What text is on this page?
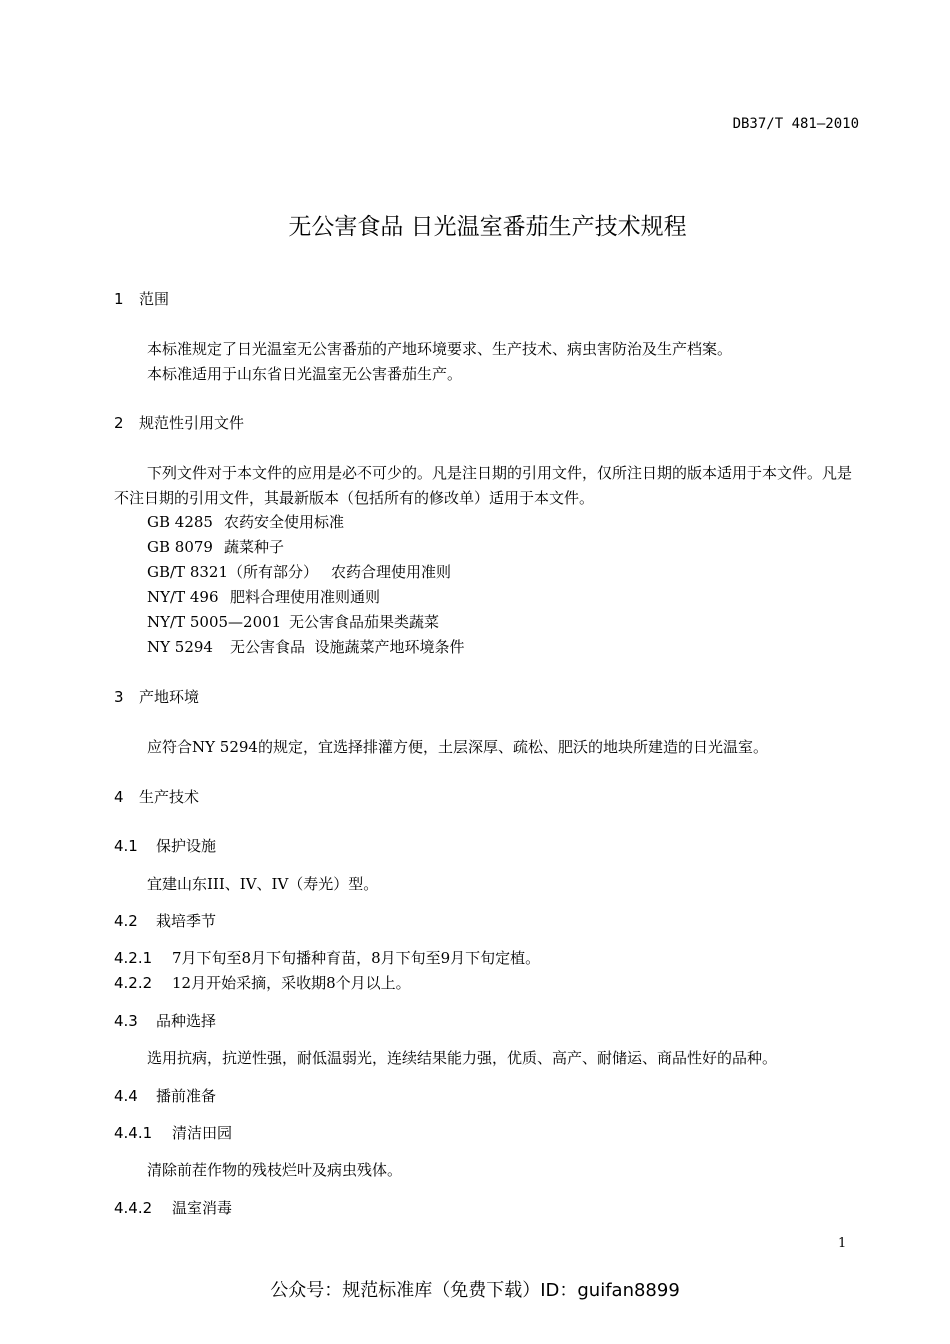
DB37/T 481—2010
无公害食品 日光温室番茄生产技术规程
1 范围
本标准规定了日光温室无公害番茄的产地环境要求、生产技术、病虫害防治及生产档案。
本标准适用于山东省日光温室无公害番茄生产。
2 规范性引用文件
下列文件对于本文件的应用是必不可少的。凡是注日期的引用文件，仅所注日期的版本适用于本文件。凡是不注日期的引用文件，其最新版本（包括所有的修改单）适用于本文件。
GB 4285 农药安全使用标准
GB 8079 蔬菜种子
GB/T 8321（所有部分） 农药合理使用准则
NY/T 496 肥料合理使用准则通则
NY/T 5005—2001 无公害食品茄果类蔬菜
NY 5294 无公害食品  设施蔬菜产地环境条件
3 产地环境
应符合NY 5294的规定，宜选择排灌方便，土层深厚、疏松、肥沃的地块所建造的日光温室。
4 生产技术
4.1 保护设施
宜建山东III、IV、IV（寿光）型。
4.2 栽培季节
4.2.1 7月下旬至8月下旬播种育苗，8月下旬至9月下旬定植。
4.2.2 12月开始采摘，采收期8个月以上。
4.3 品种选择
选用抗病，抗逆性强，耐低温弱光，连续结果能力强，优质、高产、耐储运、商品性好的品种。
4.4 播前准备
4.4.1 清洁田园
清除前茬作物的残枝烂叶及病虫残体。
4.4.2 温室消毒
1
公众号：规范标准库（免费下载）ID：guifan8899
